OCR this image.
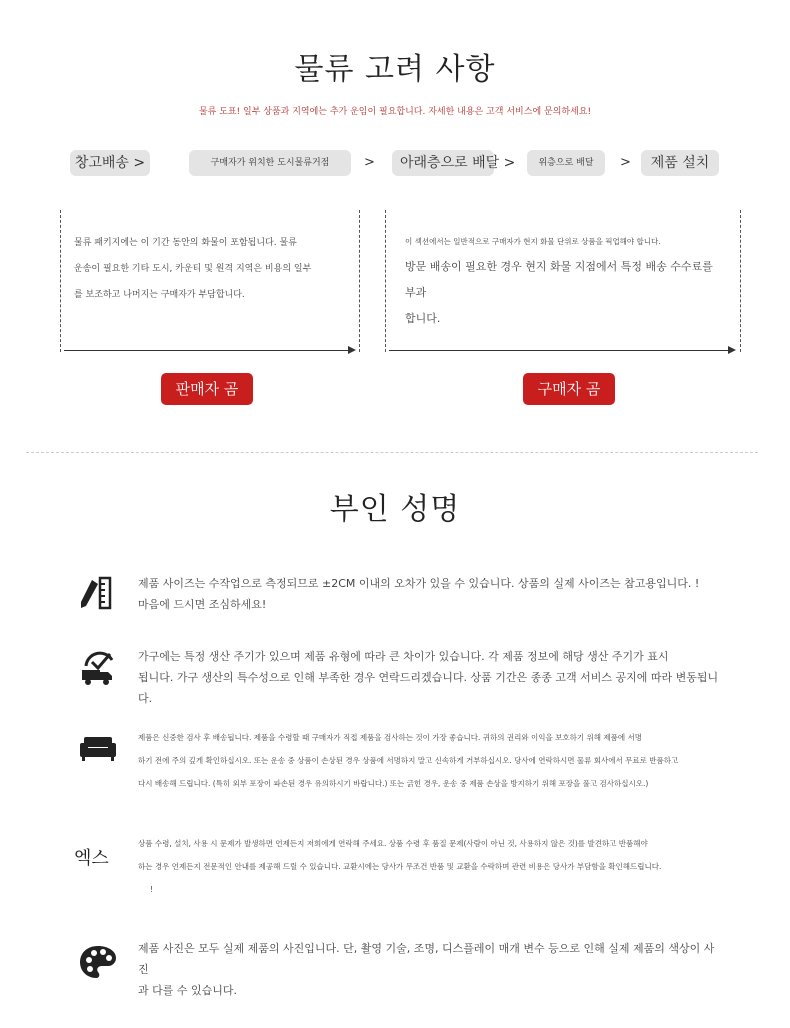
물류 고려 사항
물류 도표! 일부 상품과 지역에는 추가 운임이 필요합니다. 자세한 내용은 고객 서비스에 문의하세요!
창고배송 >	구매자가 위치한 도시물류거점	>	아래층으로 배달 >	위층으로 배달	>	제품 설치
물류 패키지에는 이 기간 동안의 화물이 포함됩니다. 물류
운송이 필요한 기타 도시, 카운티 및 원격 지역은 비용의 일부
를 보조하고 나머지는 구매자가 부담합니다.
판매자 곰
이 섹션에서는 일반적으로 구매자가 현지 화물 단위로 상품을 픽업해야 합니다.
방문 배송이 필요한 경우 현지 화물 지점에서 특정 배송 수수료를 부과
합니다.
구매자 곰
부인 성명
제품 사이즈는 수작업으로 측정되므로 ±2CM 이내의 오차가 있을 수 있습니다. 상품의 실제 사이즈는 참고용입니다. !
마음에 드시면 조심하세요!
가구에는 특정 생산 주기가 있으며 제품 유형에 따라 큰 차이가 있습니다. 각 제품 정보에 해당 생산 주기가 표시
됩니다. 가구 생산의 특수성으로 인해 부족한 경우 연락드리겠습니다. 상품 기간은 종종 고객 서비스 공지에 따라 변동됩니다.
제품은 신중한 검사 후 배송됩니다. 제품을 수령할 때 구매자가 직접 제품을 검사하는 것이 가장 좋습니다. 귀하의 권리와 이익을 보호하기 위해 제품에 서명
하기 전에 주의 깊게 확인하십시오. 또는 운송 중 상품이 손상된 경우 상품에 서명하지 말고 신속하게 거부하십시오. 당사에 연락하시면 물류 회사에서 무료로 반품하고
다시 배송해 드립니다. (특히 외부 포장이 파손된 경우 유의하시기 바랍니다.) 또는 긁힌 경우, 운송 중 제품 손상을 방지하기 위해 포장을 풀고 검사하십시오.)
엑스
상품 수령, 설치, 사용 시 문제가 발생하면 언제든지 저희에게 연락해 주세요. 상품 수령 후 품질 문제(사람이 아닌 것, 사용하지 않은 것)를 발견하고 반품해야
하는 경우 언제든지 전문적인 안내를 제공해 드릴 수 있습니다. 교환시에는 당사가 무조건 반품 및 교환을 수락하며 관련 비용은 당사가 부담함을 확인해드립니다.
!
제품 사진은 모두 실제 제품의 사진입니다. 단, 촬영 기술, 조명, 디스플레이 매개 변수 등으로 인해 실제 제품의 색상이 사진
과 다를 수 있습니다.
